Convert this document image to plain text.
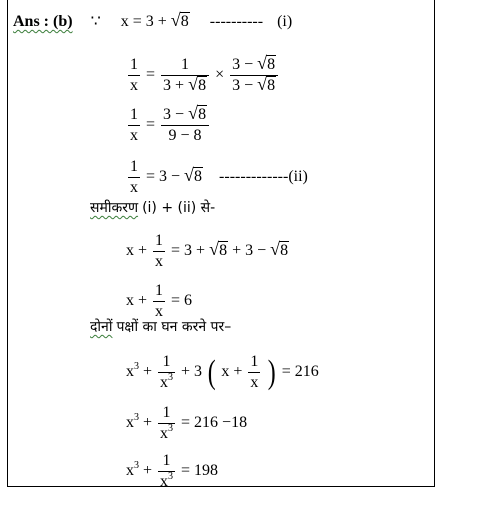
Ans : (b) ∵ x = 3 + √ 8 ---------- (i)
$\frac{1}{x} = \frac{1}{3 + √ 8} \times \frac{3 - √ 8}{3 - √ 8}$
$\frac{1}{x} = \frac{3 - √ 8}{9 - 8}$
$\frac{1}{x} = 3$ − √ 8 -------------(ii)
समीकरण (i) + (ii) से-
$x + \frac{1}{x} = 3$ + √ 8 + 3 − √ 8
$x + \frac{1}{x} = 6$
दोनों पक्षों का घन करने पर–
$x^3 + \frac{1}{x^3} + 3$ ( $x + \frac{1}{x}$ ) = 216
$x^3 + \frac{1}{x^3} = 216 -18$
$x^3 + \frac{1}{x^3} = 198$
